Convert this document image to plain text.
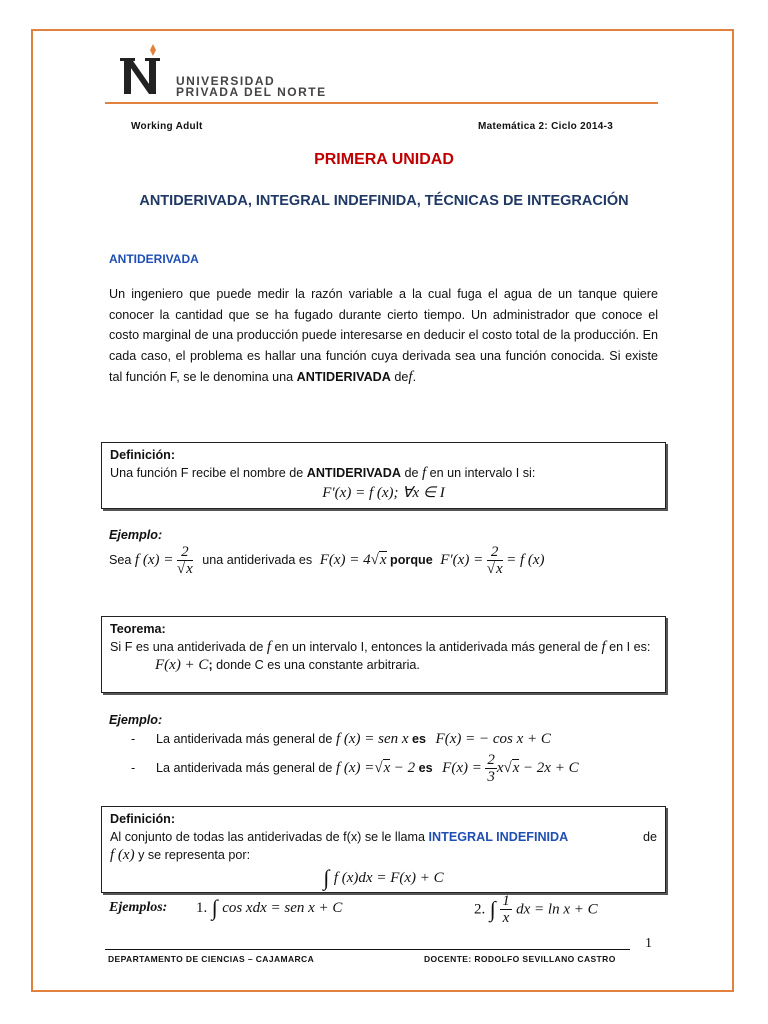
UNIVERSIDAD
PRIVADA DEL NORTE
Working Adult	Matemática 2: Ciclo 2014-3
PRIMERA UNIDAD
ANTIDERIVADA, INTEGRAL INDEFINIDA, TÉCNICAS DE INTEGRACIÓN
ANTIDERIVADA
Un ingeniero que puede medir la razón variable a la cual fuga el agua de un tanque quiere conocer la cantidad que se ha fugado durante cierto tiempo. Un administrador que conoce el costo marginal de una producción puede interesarse en deducir el costo total de la producción. En cada caso, el problema es hallar una función cuya derivada sea una función conocida. Si existe tal función F, se le denomina una ANTIDERIVADA def.
Definición:
Una función F recibe el nombre de ANTIDERIVADA de f en un intervalo I si:
F′(x) = f (x); ∀x ∈ I
Ejemplo:
Sea f $(x) = \frac{2}{√x}$ una antiderivada es F(x) = 4√x porque $F'(x) = \frac{2}{√x} = f$ (x)
Teorema:
Si F es una antiderivada de f en un intervalo I, entonces la antiderivada más general de f en I es:
F(x) + C; donde C es una constante arbitraria.
Ejemplo:
- La antiderivada más general de f (x) = sen x es F(x) = − cos x + C
- La antiderivada más general de f (x) =√x − 2 es $F(x) = \frac{2}{3} x√x - 2x + C$
Definición:
Al conjunto de todas las antiderivadas de f(x) se le llama INTEGRAL INDEFINIDA	de
f (x) y se representa por:
∫ f (x)dx = F(x) + C
Ejemplos: 1. ∫ cos xdx = sen x + C	2. ∫ $\frac{1}{x}$ dx = ln x + C
1
DEPARTAMENTO DE CIENCIAS – CAJAMARCA	DOCENTE: RODOLFO SEVILLANO CASTRO
